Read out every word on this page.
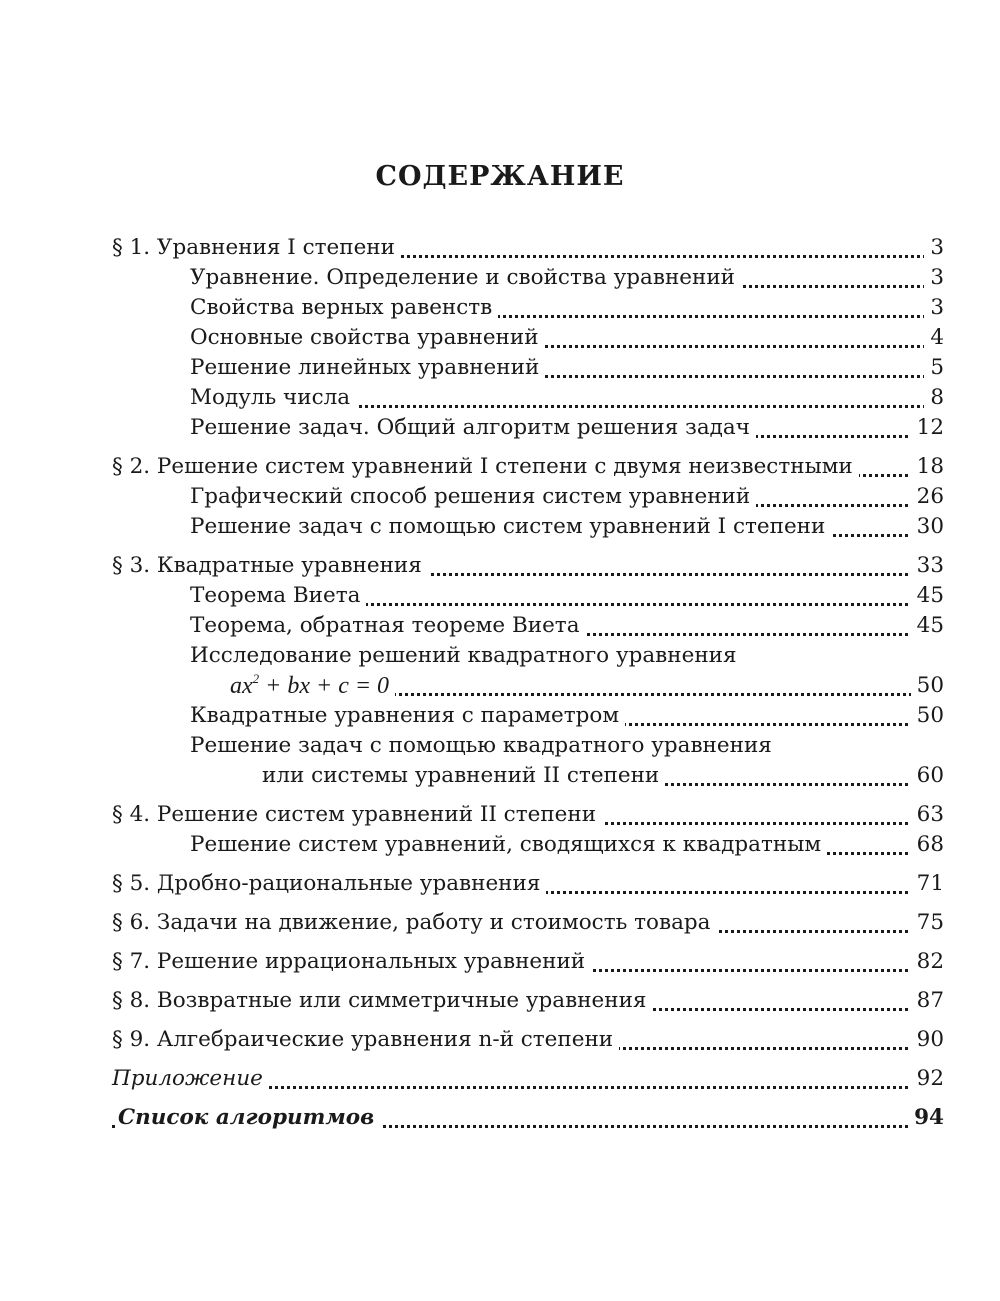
СОДЕРЖАНИЕ
§ 1. Уравнения I степени	3
Уравнение. Определение и свойства уравнений	3
Свойства верных равенств	3
Основные свойства уравнений	4
Решение линейных уравнений	5
Модуль числа	8
Решение задач. Общий алгоритм решения задач	12
§ 2. Решение систем уравнений I степени с двумя неизвестными	18
Графический способ решения систем уравнений	26
Решение задач с помощью систем уравнений I степени	30
§ 3. Квадратные уравнения	33
Теорема Виета	45
Теорема, обратная теореме Виета	45
Исследование решений квадратного уравнения
$ax^2$ + bx + c = 0	50
Квадратные уравнения с параметром	50
Решение задач с помощью квадратного уравнения
или системы уравнений II степени	60
§ 4. Решение систем уравнений II степени	63
Решение систем уравнений, сводящихся к квадратным	68
§ 5. Дробно-рациональные уравнения	71
§ 6. Задачи на движение, работу и стоимость товара	75
§ 7. Решение иррациональных уравнений	82
§ 8. Возвратные или симметричные уравнения	87
§ 9. Алгебраические уравнения n-й степени	90
Приложение	92
Список алгоритмов	94
